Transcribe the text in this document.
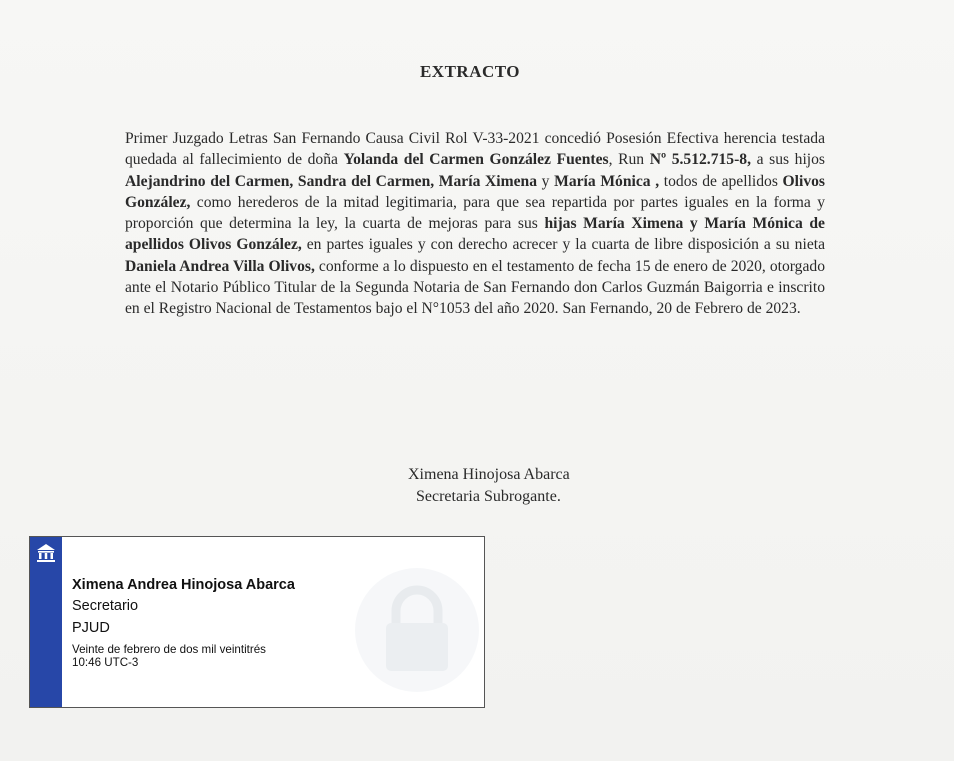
EXTRACTO
Primer Juzgado Letras San Fernando Causa Civil Rol V-33-2021 concedió Posesión Efectiva herencia testada quedada al fallecimiento de doña Yolanda del Carmen González Fuentes, Run Nº 5.512.715-8, a sus hijos Alejandrino del Carmen, Sandra del Carmen, María Ximena y María Mónica , todos de apellidos Olivos González, como herederos de la mitad legitimaria, para que sea repartida por partes iguales en la forma y proporción que determina la ley, la cuarta de mejoras para sus hijas María Ximena y María Mónica de apellidos Olivos González, en partes iguales y con derecho acrecer y la cuarta de libre disposición a su nieta Daniela Andrea Villa Olivos, conforme a lo dispuesto en el testamento de fecha 15 de enero de 2020, otorgado ante el Notario Público Titular de la Segunda Notaria de San Fernando don Carlos Guzmán Baigorria e inscrito en el Registro Nacional de Testamentos bajo el N°1053 del año 2020. San Fernando, 20 de Febrero de 2023.
Ximena Hinojosa Abarca
Secretaria Subrogante.
Ximena Andrea Hinojosa Abarca
Secretario
PJUD
Veinte de febrero de dos mil veintitrés
10:46 UTC-3
